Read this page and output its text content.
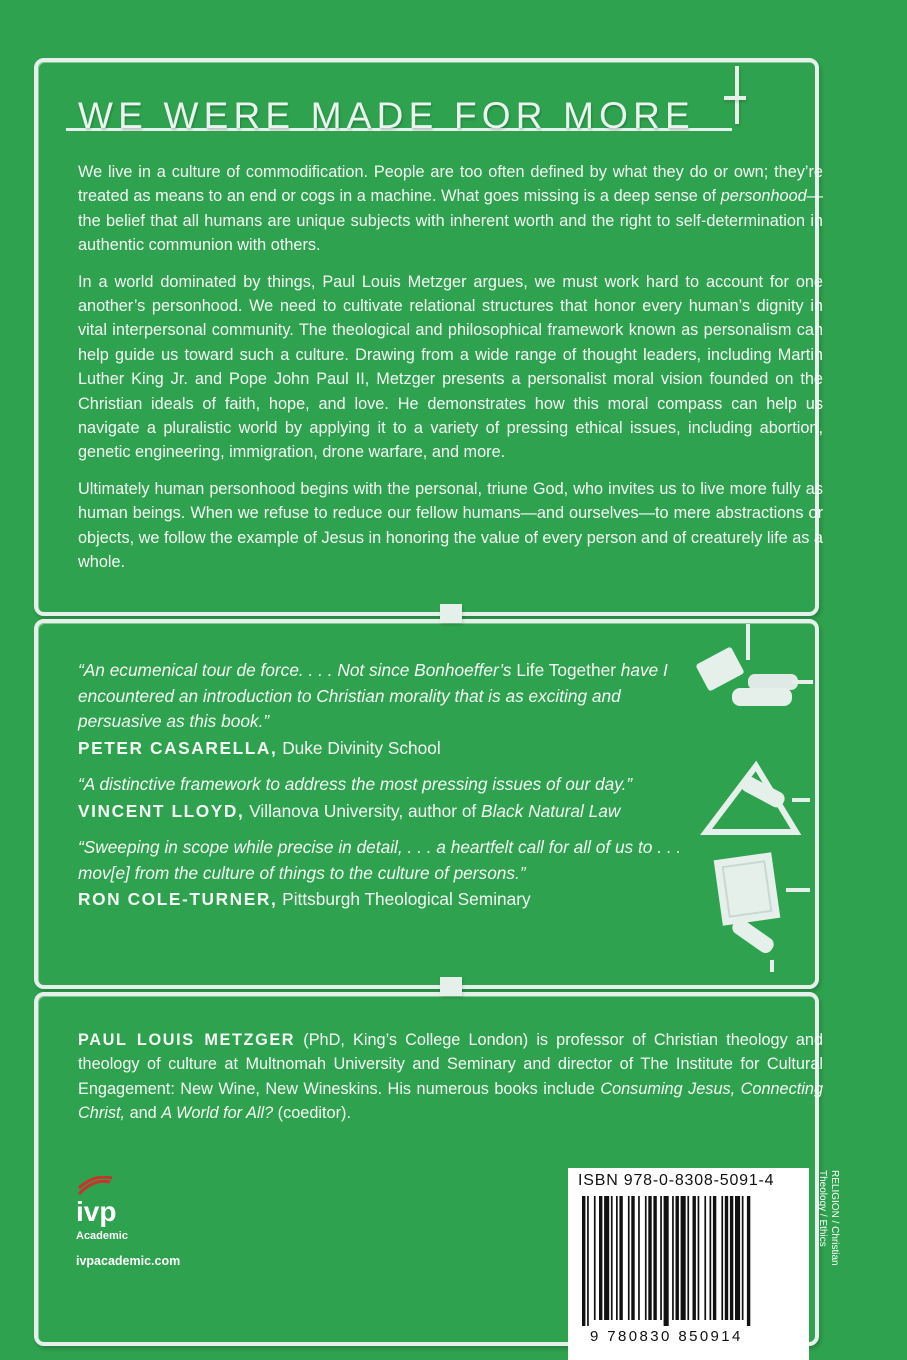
WE WERE MADE FOR MORE

We live in a culture of commodification. People are too often defined by what they do or own; they’re treated as means to an end or cogs in a machine. What goes missing is a deep sense of personhood—the belief that all humans are unique subjects with inherent worth and the right to self-determination in authentic communion with others.

In a world dominated by things, Paul Louis Metzger argues, we must work hard to account for one another’s personhood. We need to cultivate relational structures that honor every human’s dignity in vital interpersonal community. The theological and philosophical framework known as personalism can help guide us toward such a culture. Drawing from a wide range of thought leaders, including Martin Luther King Jr. and Pope John Paul II, Metzger presents a personalist moral vision founded on the Christian ideals of faith, hope, and love. He demonstrates how this moral compass can help us navigate a pluralistic world by applying it to a variety of pressing ethical issues, including abortion, genetic engineering, immigration, drone warfare, and more.

Ultimately human personhood begins with the personal, triune God, who invites us to live more fully as human beings. When we refuse to reduce our fellow humans—and ourselves—to mere abstractions or objects, we follow the example of Jesus in honoring the value of every person and of creaturely life as a whole.

“An ecumenical tour de force. . . . Not since Bonhoeffer’s Life Together have I encountered an introduction to Christian morality that is as exciting and persuasive as this book.”
PETER CASARELLA, Duke Divinity School
“A distinctive framework to address the most pressing issues of our day.”
VINCENT LLOYD, Villanova University, author of Black Natural Law
“Sweeping in scope while precise in detail, . . . a heartfelt call for all of us to . . . mov[e] from the culture of things to the culture of persons.”
RON COLE-TURNER, Pittsburgh Theological Seminary
PAUL LOUIS METZGER (PhD, King’s College London) is professor of Christian theology and theology of culture at Multnomah University and Seminary and director of The Institute for Cultural Engagement: New Wine, New Wineskins. His numerous books include Consuming Jesus, Connecting Christ, and A World for All? (coeditor).
ivp
Academic
ivpacademic.com
ISBN 978-0-8308-5091-4
9 780830 850914
RELIGION / Christian
Theology / Ethics
